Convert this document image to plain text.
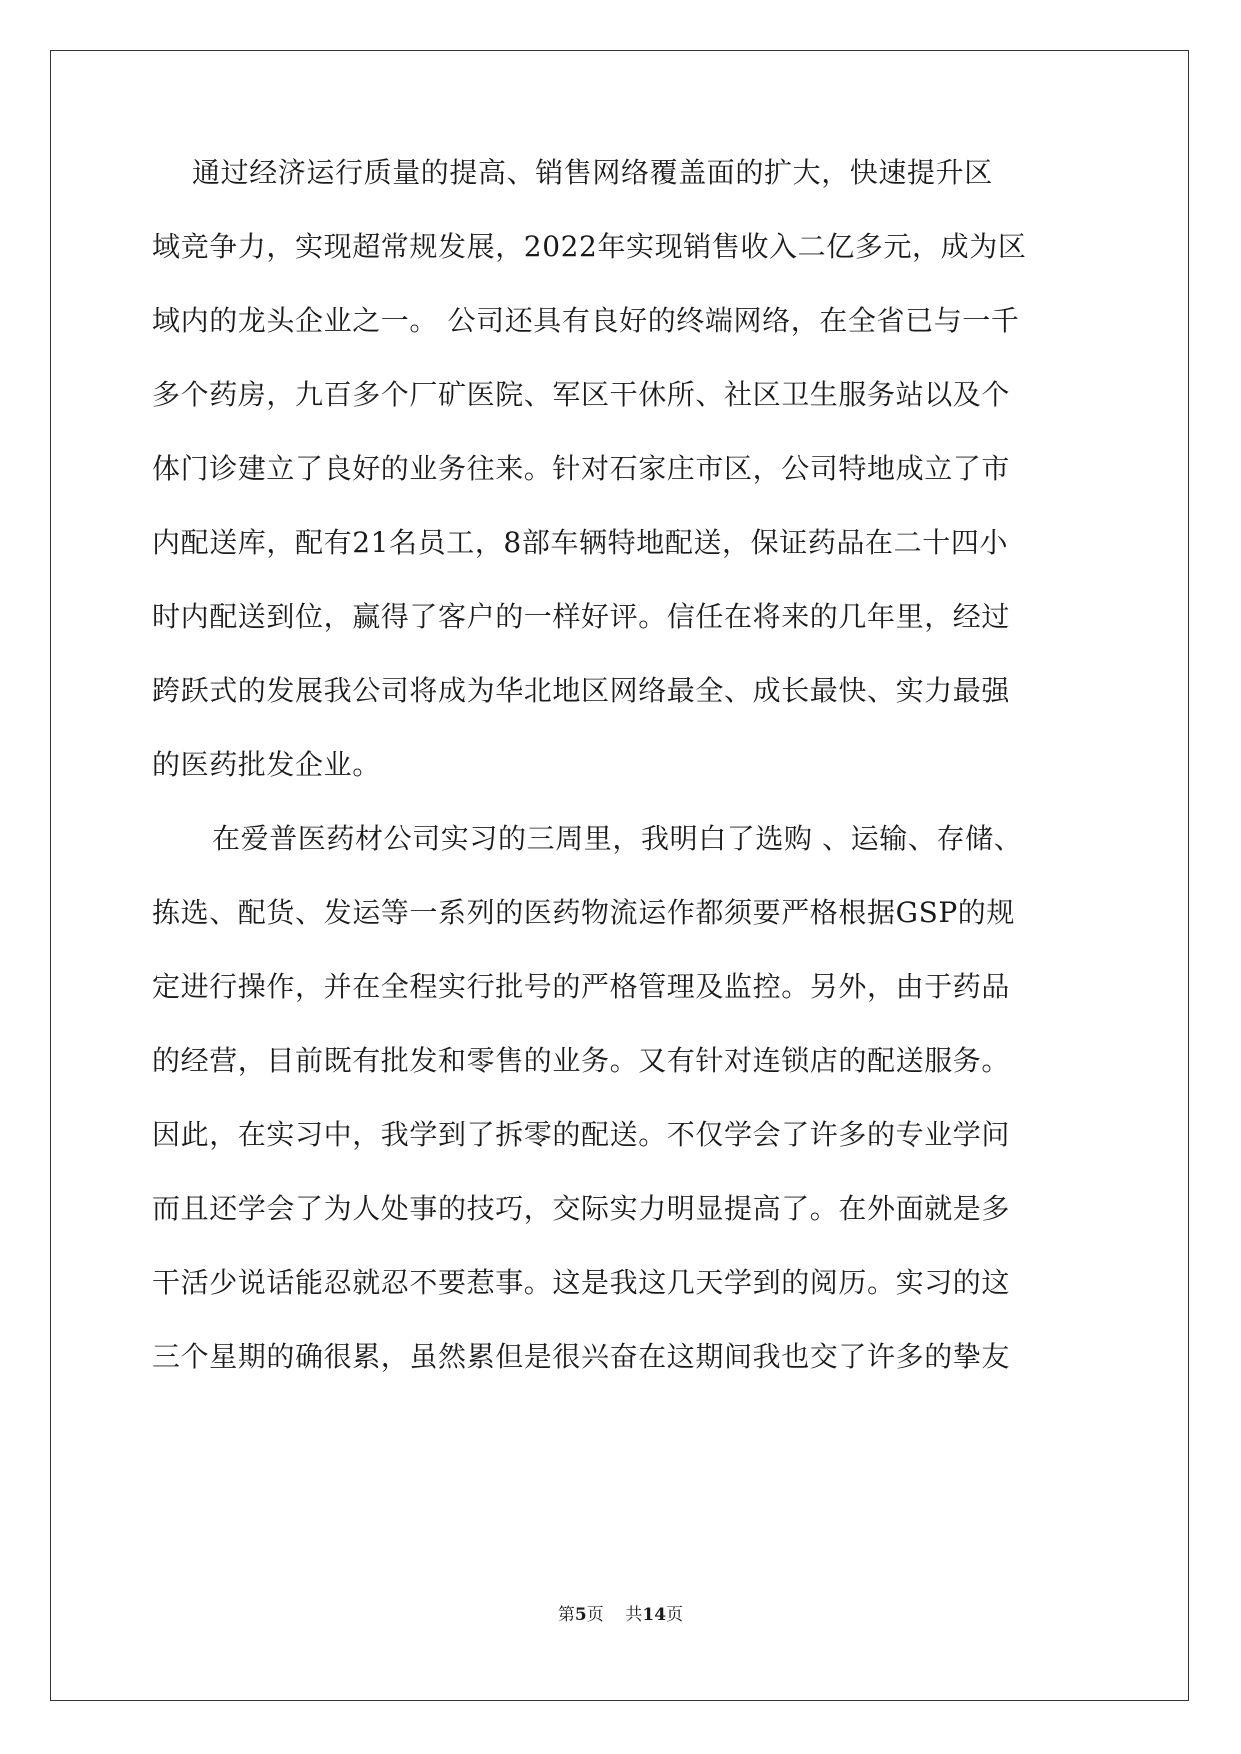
通过经济运行质量的提高、销售网络覆盖面的扩大，快速提升区
域竞争力，实现超常规发展，2022年实现销售收入二亿多元，成为区
域内的龙头企业之一。 公司还具有良好的终端网络，在全省已与一千
多个药房，九百多个厂矿医院、军区干休所、社区卫生服务站以及个
体门诊建立了良好的业务往来。针对石家庄市区，公司特地成立了市
内配送库，配有21名员工，8部车辆特地配送，保证药品在二十四小
时内配送到位，赢得了客户的一样好评。信任在将来的几年里，经过
跨跃式的发展我公司将成为华北地区网络最全、成长最快、实力最强
的医药批发企业。
在爱普医药材公司实习的三周里，我明白了选购 、运输、存储、
拣选、配货、发运等一系列的医药物流运作都须要严格根据GSP的规
定进行操作，并在全程实行批号的严格管理及监控。另外，由于药品
的经营，目前既有批发和零售的业务。又有针对连锁店的配送服务。
因此，在实习中，我学到了拆零的配送。不仅学会了许多的专业学问
而且还学会了为人处事的技巧，交际实力明显提高了。在外面就是多
干活少说话能忍就忍不要惹事。这是我这几天学到的阅历。实习的这
三个星期的确很累，虽然累但是很兴奋在这期间我也交了许多的挚友
第5页 共14页
